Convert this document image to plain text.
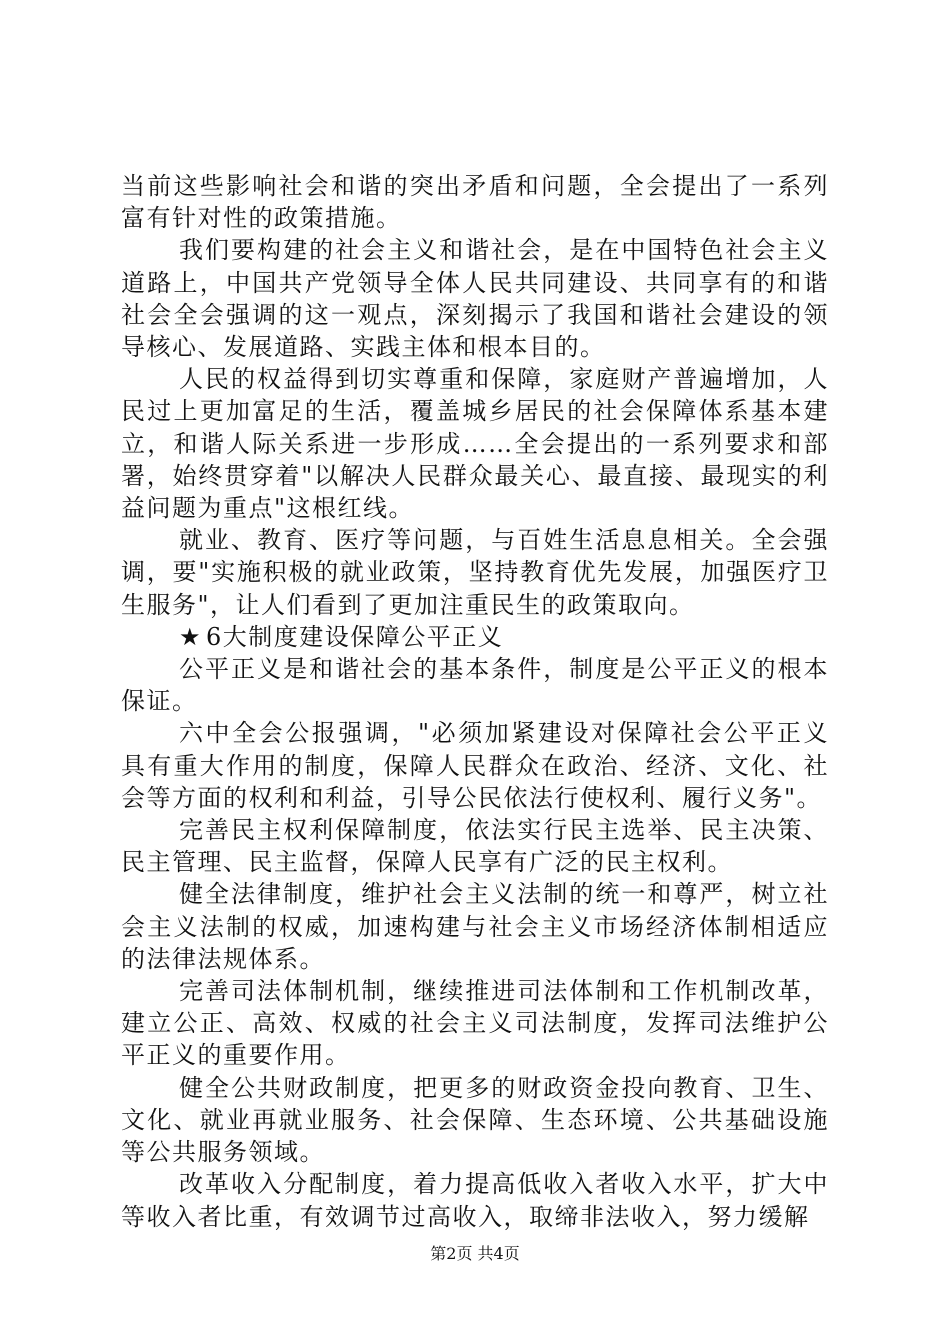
当前这些影响社会和谐的突出矛盾和问题，全会提出了一系列富有针对性的政策措施。

我们要构建的社会主义和谐社会，是在中国特色社会主义道路上，中国共产党领导全体人民共同建设、共同享有的和谐社会全会强调的这一观点，深刻揭示了我国和谐社会建设的领导核心、发展道路、实践主体和根本目的。

人民的权益得到切实尊重和保障，家庭财产普遍增加，人民过上更加富足的生活，覆盖城乡居民的社会保障体系基本建立，和谐人际关系进一步形成……全会提出的一系列要求和部署，始终贯穿着"以解决人民群众最关心、最直接、最现实的利益问题为重点"这根红线。

就业、教育、医疗等问题，与百姓生活息息相关。全会强调，要"实施积极的就业政策，坚持教育优先发展，加强医疗卫生服务"，让人们看到了更加注重民生的政策取向。

★ 6大制度建设保障公平正义

公平正义是和谐社会的基本条件，制度是公平正义的根本保证。

六中全会公报强调，"必须加紧建设对保障社会公平正义具有重大作用的制度，保障人民群众在政治、经济、文化、社会等方面的权利和利益，引导公民依法行使权利、履行义务"。

完善民主权利保障制度，依法实行民主选举、民主决策、民主管理、民主监督，保障人民享有广泛的民主权利。

健全法律制度，维护社会主义法制的统一和尊严，树立社会主义法制的权威，加速构建与社会主义市场经济体制相适应的法律法规体系。

完善司法体制机制，继续推进司法体制和工作机制改革，建立公正、高效、权威的社会主义司法制度，发挥司法维护公平正义的重要作用。

健全公共财政制度，把更多的财政资金投向教育、卫生、文化、就业再就业服务、社会保障、生态环境、公共基础设施等公共服务领域。

改革收入分配制度，着力提高低收入者收入水平，扩大中等收入者比重，有效调节过高收入，取缔非法收入，努力缓解

第2页 共4页
